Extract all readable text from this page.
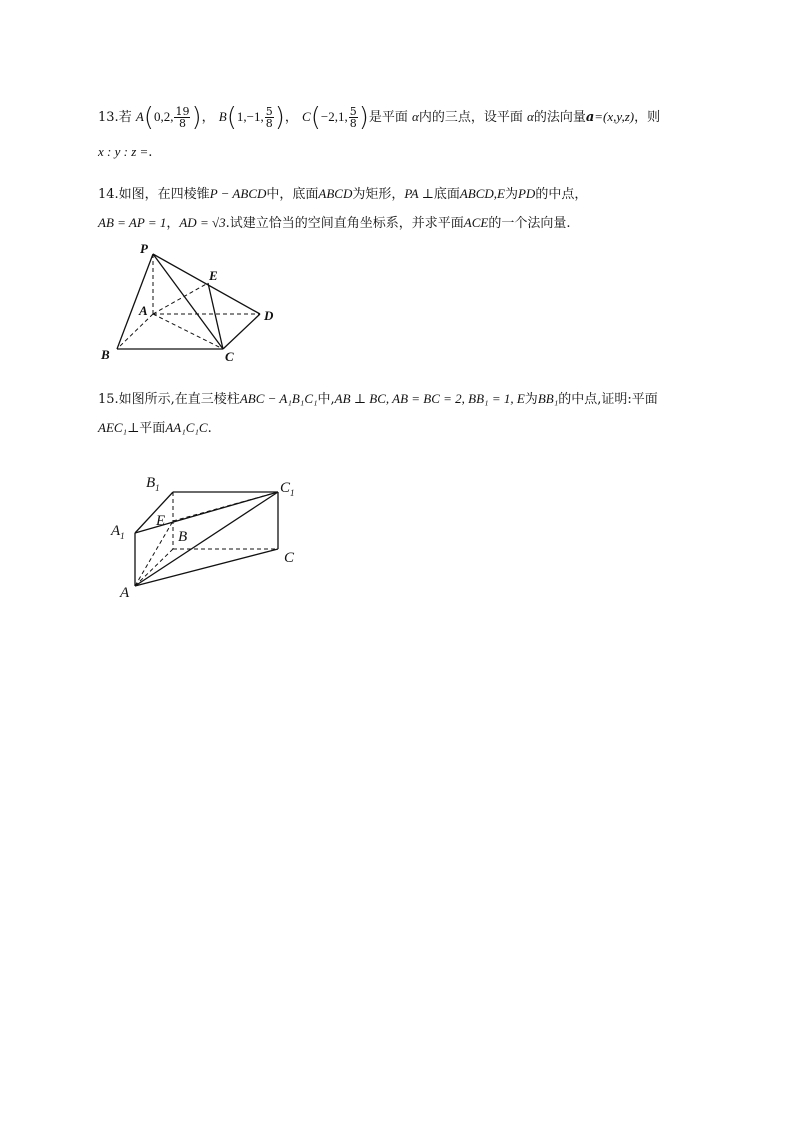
13.若 A(0,2, $\frac{19}{8}$ )， B(1,−1, $\frac{5}{8}$ )， C(−2,1, $\frac{5}{8}$ )是平面 α内的三点，设平面 α的法向量a=(x,y,z)，则
x : y : z =.
14.如图，在四棱锥P − ABCD中，底面ABCD为矩形，PA ⊥底面ABCD,E为PD的中点，
AB = AP = 1，AD = √3.试建立恰当的空间直角坐标系，并求平面ACE的一个法向量.
P
E
A	D
B	C
15.如图所示,在直三棱柱ABC − A₁B₁C₁中,AB ⊥ BC, AB = BC = 2, BB₁ = 1, E为BB₁的中点,证明:平面
AEC₁⊥平面AA₁C₁C.
$B_1$	$C_1$
$A_1$
E
B
C
A
